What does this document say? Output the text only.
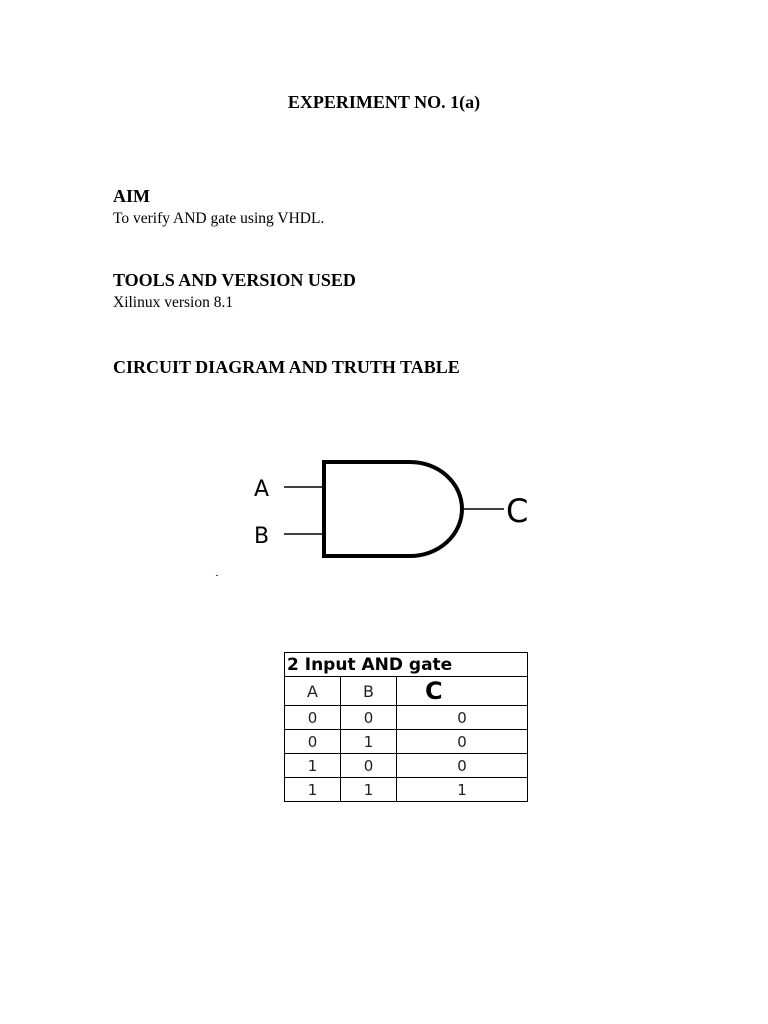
EXPERIMENT NO. 1(a)
AIM
To verify AND gate using VHDL.
TOOLS AND VERSION USED
Xilinux version 8.1
CIRCUIT DIAGRAM AND TRUTH TABLE
A
B
C
2 Input AND gate		
A	B	C
0	0	0
0	1	0
1	0	0
1	1	1
